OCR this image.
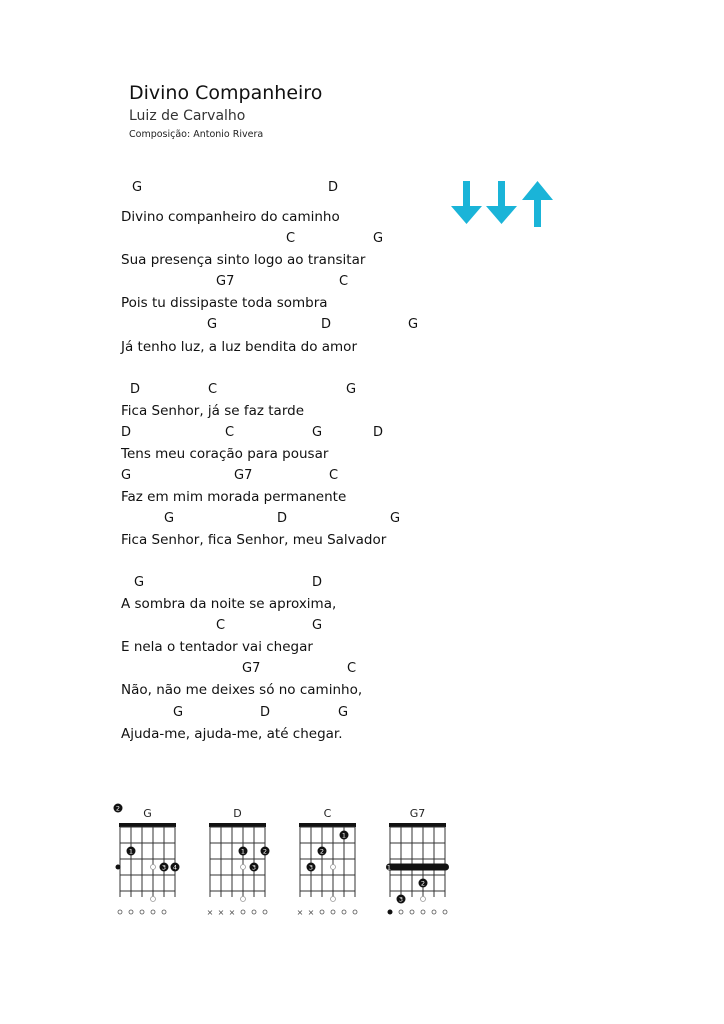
Divino Companheiro
Luiz de Carvalho
Composição: Antonio Rivera
G	D
Divino companheiro do caminho
C	G
Sua presença sinto logo ao transitar
G7	C
Pois tu dissipaste toda sombra
G	D	G
Já tenho luz, a luz bendita do amor
D	C	G
Fica Senhor, já se faz tarde
D	C	G	D
Tens meu coração para pousar
G	G7	C
Faz em mim morada permanente
G	D	G
Fica Senhor, fica Senhor, meu Salvador
G	D
A sombra da noite se aproxima,
C	G
E nela o tentador vai chegar
G7	C
Não, não me deixes só no caminho,
G	D	G
Ajuda-me, ajuda-me, até chegar.
G
2
1
3 4
D
1	2
3
× × ×
C
1
2
3
× ×
G7
1
2
3
